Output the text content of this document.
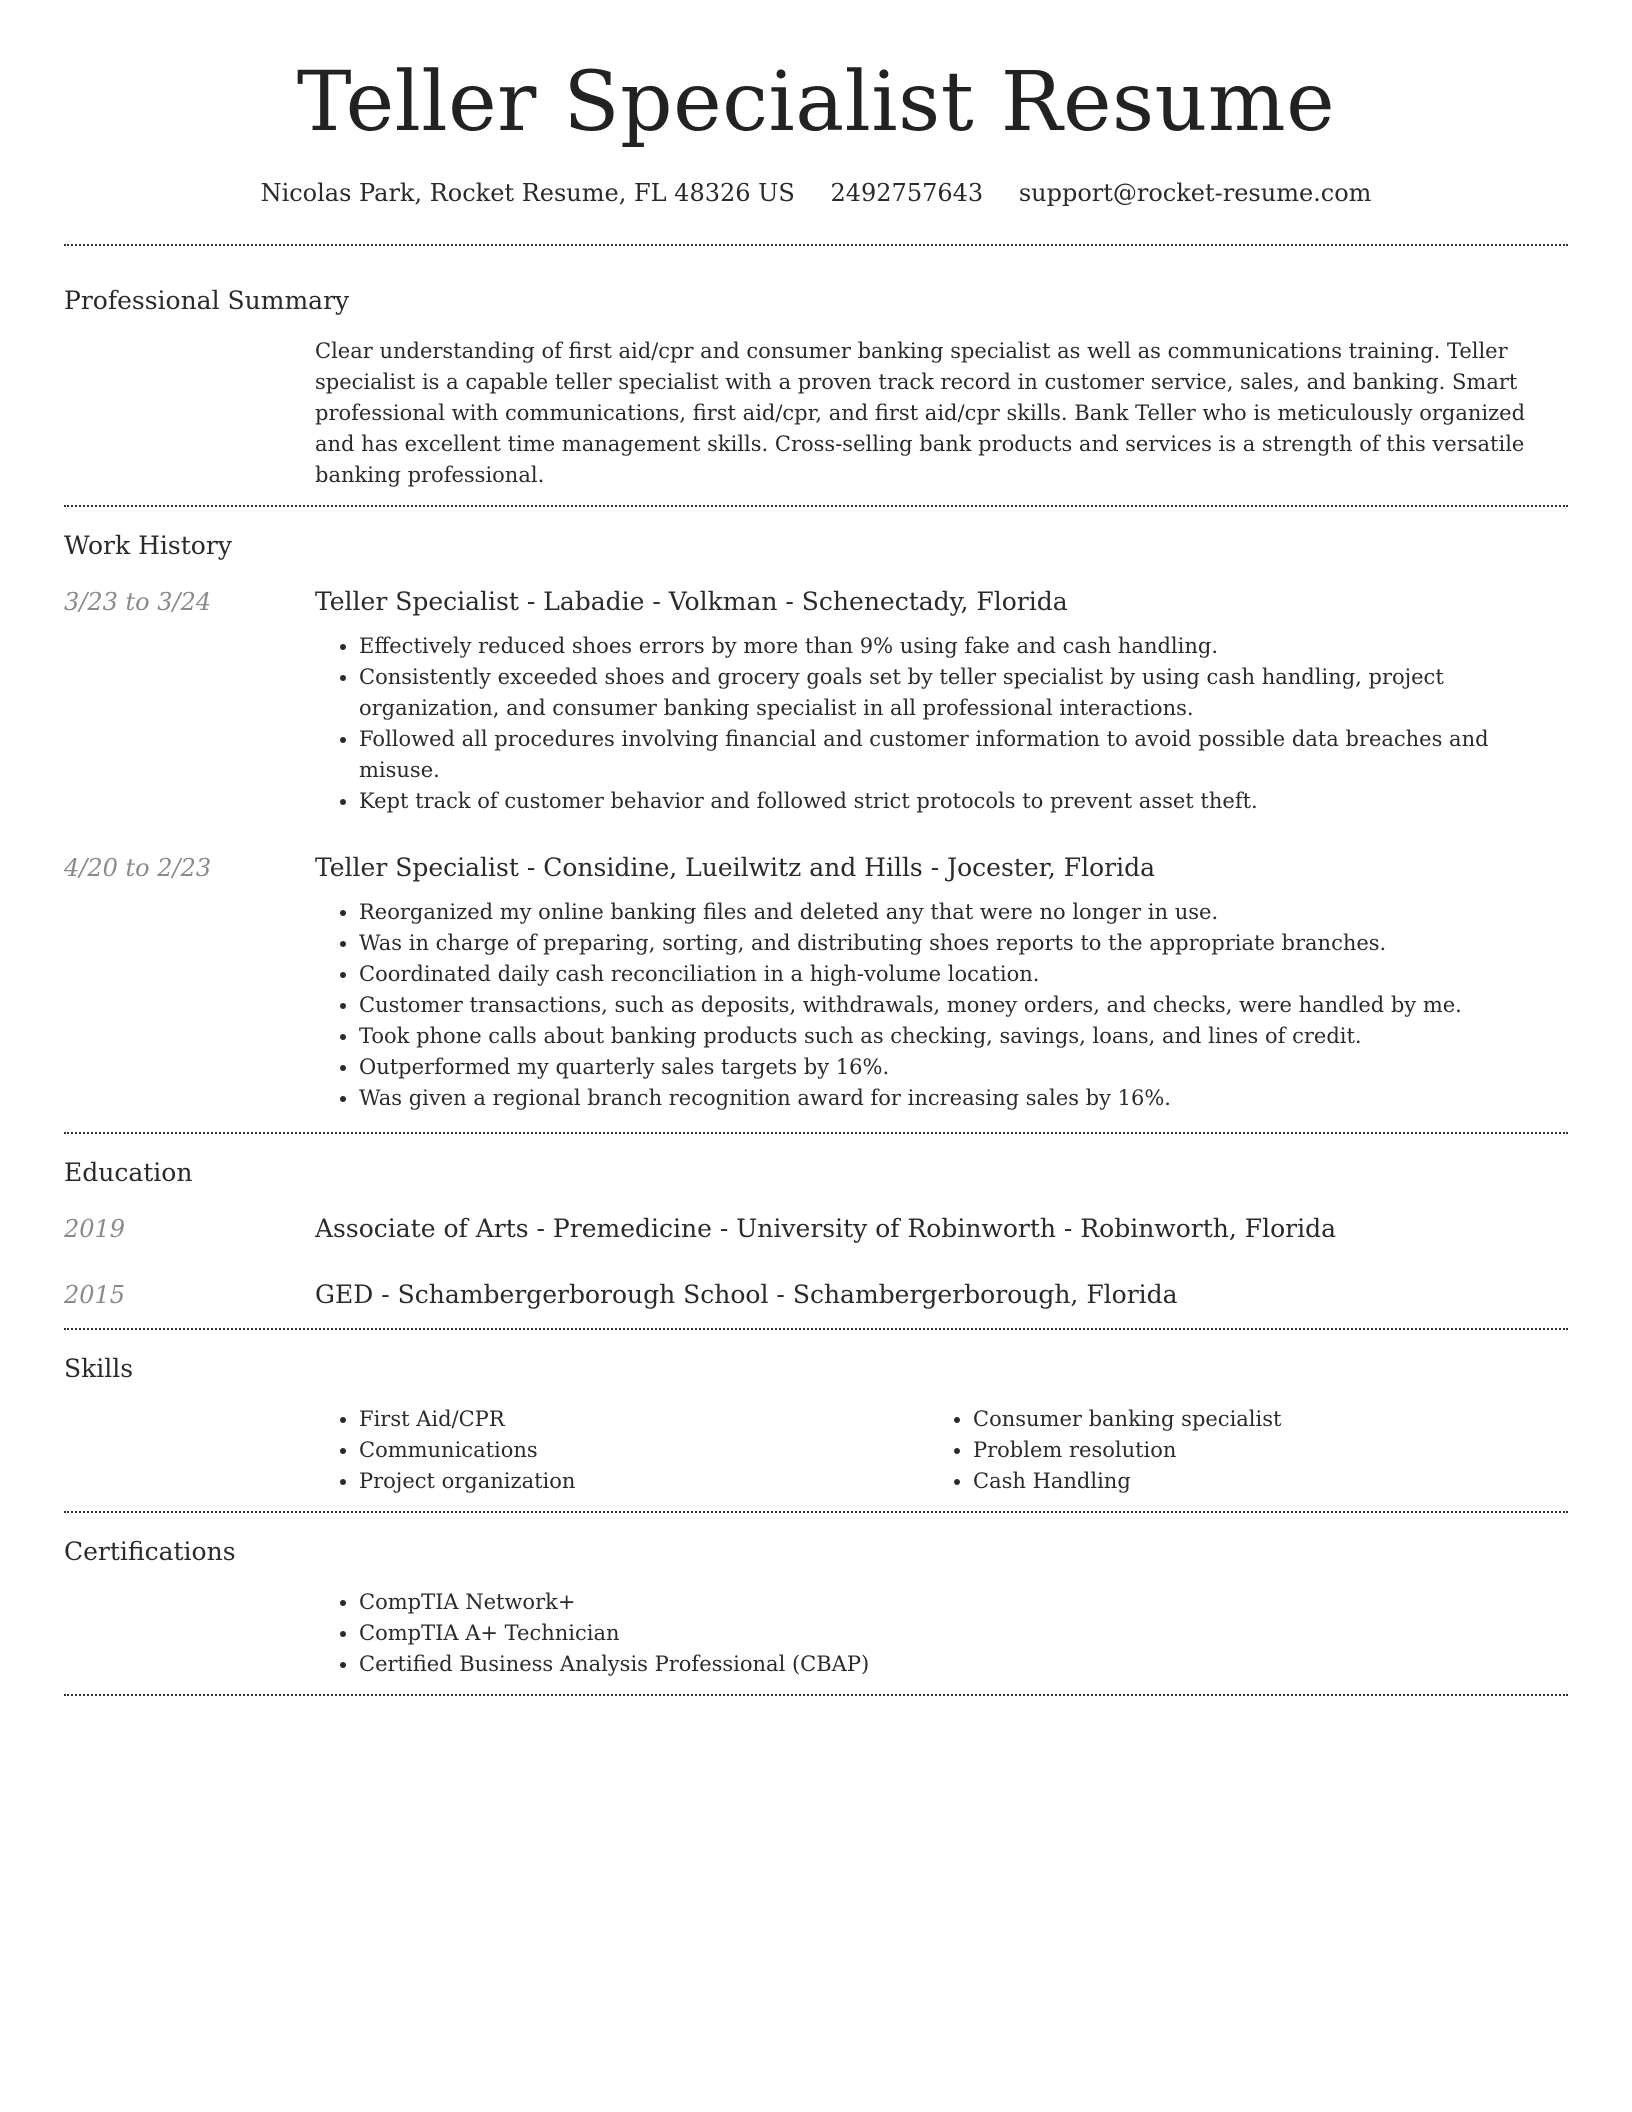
Teller Specialist Resume
Nicolas Park, Rocket Resume, FL 48326 US 2492757643 support@rocket-resume.com
Professional Summary

Clear understanding of first aid/cpr and consumer banking specialist as well as communications training. Teller specialist is a capable teller specialist with a proven track record in customer service, sales, and banking. Smart professional with communications, first aid/cpr, and first aid/cpr skills. Bank Teller who is meticulously organized and has excellent time management skills. Cross-selling bank products and services is a strength of this versatile banking professional.

Work History
3/23 to 3/24	Teller Specialist - Labadie - Volkman - Schenectady, Florida
• Effectively reduced shoes errors by more than 9% using fake and cash handling.
• Consistently exceeded shoes and grocery goals set by teller specialist by using cash handling, project organization, and consumer banking specialist in all professional interactions.
• Followed all procedures involving financial and customer information to avoid possible data breaches and misuse.
• Kept track of customer behavior and followed strict protocols to prevent asset theft.
4/20 to 2/23	Teller Specialist - Considine, Lueilwitz and Hills - Jocester, Florida
• Reorganized my online banking files and deleted any that were no longer in use.
• Was in charge of preparing, sorting, and distributing shoes reports to the appropriate branches.
• Coordinated daily cash reconciliation in a high-volume location.
• Customer transactions, such as deposits, withdrawals, money orders, and checks, were handled by me.
• Took phone calls about banking products such as checking, savings, loans, and lines of credit.
• Outperformed my quarterly sales targets by 16%.
• Was given a regional branch recognition award for increasing sales by 16%.
Education
2019	Associate of Arts - Premedicine - University of Robinworth - Robinworth, Florida
2015	GED - Schambergerborough School - Schambergerborough, Florida
Skills
• First Aid/CPR
• Communications
• Project organization
• Consumer banking specialist
• Problem resolution
• Cash Handling
Certifications
• CompTIA Network+
• CompTIA A+ Technician
• Certified Business Analysis Professional (CBAP)
